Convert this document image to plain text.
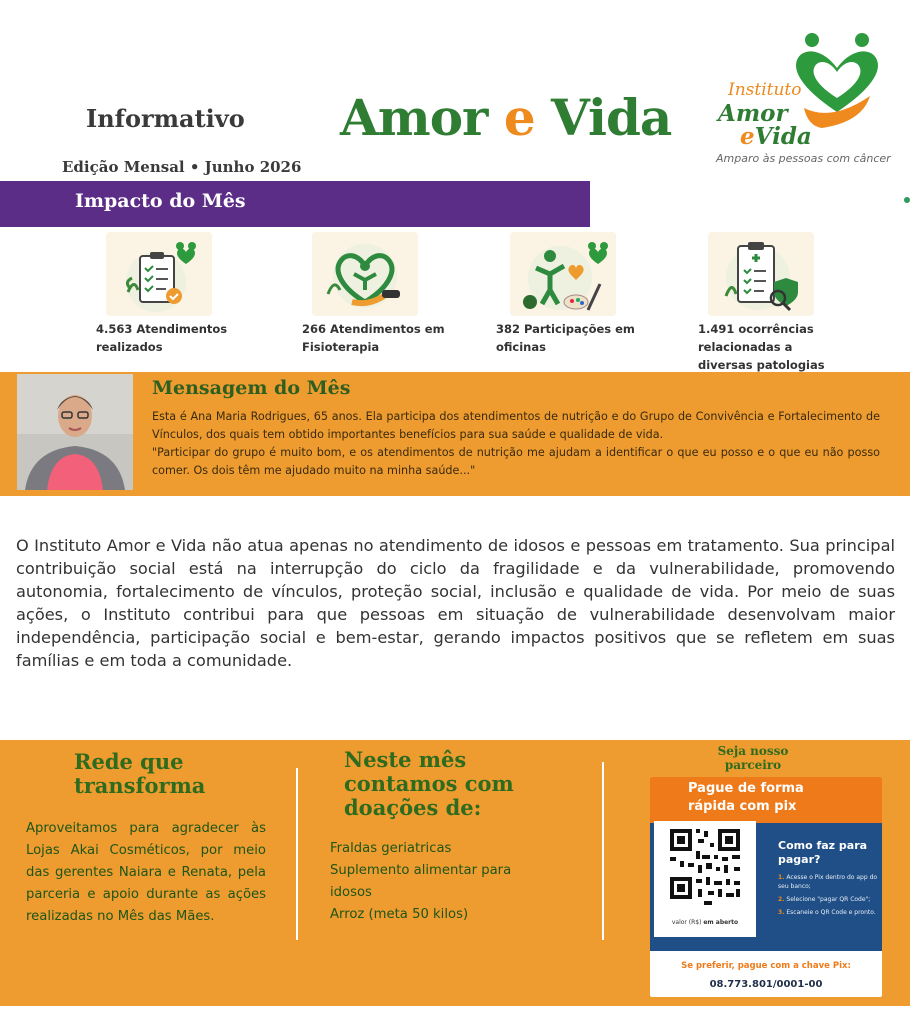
Informativo
Edição Mensal • Junho 2026
Amor e Vida	Instituto
Amor
eVida
Amparo às pessoas com câncer
Impacto do Mês
4.563 Atendimentos realizados
266 Atendimentos em Fisioterapia
382 Participações em oficinas
1.491 ocorrências relacionadas a diversas patologias
Mensagem do Mês

Esta é Ana Maria Rodrigues, 65 anos. Ela participa dos atendimentos de nutrição e do Grupo de Convivência e Fortalecimento de Vínculos, dos quais tem obtido importantes benefícios para sua saúde e qualidade de vida.

"Participar do grupo é muito bom, e os atendimentos de nutrição me ajudam a identificar o que eu posso e o que eu não posso comer. Os dois têm me ajudado muito na minha saúde..."

O Instituto Amor e Vida não atua apenas no atendimento de idosos e pessoas em tratamento. Sua principal contribuição social está na interrupção do ciclo da fragilidade e da vulnerabilidade, promovendo autonomia, fortalecimento de vínculos, proteção social, inclusão e qualidade de vida. Por meio de suas ações, o Instituto contribui para que pessoas em situação de vulnerabilidade desenvolvam maior independência, participação social e bem-estar, gerando impactos positivos que se refletem em suas famílias e em toda a comunidade.
Rede que
transforma
Aproveitamos para agradecer às Lojas Akai Cosméticos, por meio das gerentes Naiara e Renata, pela parceria e apoio durante as ações realizadas no Mês das Mães.
Neste mês
contamos com
doações de:
Fraldas geriatricas
Suplemento alimentar para
idosos
Arroz (meta 50 kilos)
Seja nosso
parceiro
Pague de forma rápida com pix
valor (R$) em aberto
Como faz para pagar?
1. Acesse o Pix dentro do app do seu banco;
2. Selecione "pagar QR Code";
3. Escaneie o QR Code e pronto.
Se preferir, pague com a chave Pix:
08.773.801/0001-00
